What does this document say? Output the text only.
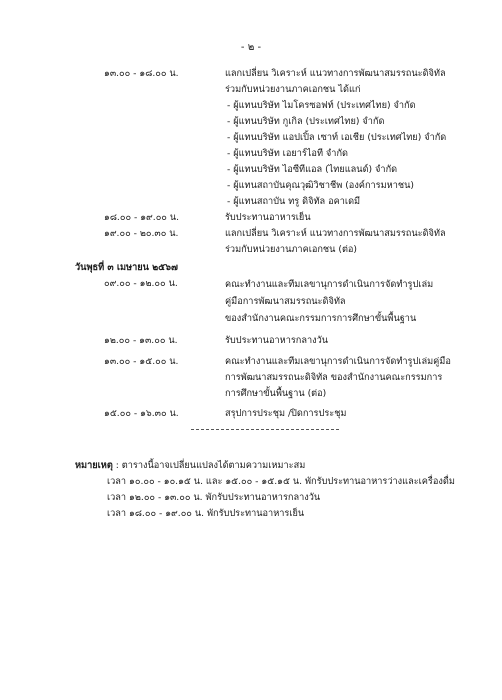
- ๒ -
๑๓.๐๐ - ๑๘.๐๐ น.	แลกเปลี่ยน วิเคราะห์ แนวทางการพัฒนาสมรรถนะดิจิทัล
ร่วมกับหน่วยงานภาคเอกชน ได้แก่
- ผู้แทนบริษัท ไมโครซอฟท์ (ประเทศไทย) จำกัด
- ผู้แทนบริษัท กูเกิล (ประเทศไทย) จำกัด
- ผู้แทนบริษัท แอปเปิ้ล เซาท์ เอเชีย (ประเทศไทย) จำกัด
- ผู้แทนบริษัท เอยาร์ไอที จำกัด
- ผู้แทนบริษัท ไอซีทีแอล (ไทยแลนด์) จำกัด
- ผู้แทนสถาบันคุณวุฒิวิชาชีพ (องค์การมหาชน)
- ผู้แทนสถาบัน ทรู ดิจิทัล อคาเดมี
๑๘.๐๐ - ๑๙.๐๐ น.	รับประทานอาหารเย็น
๑๙.๐๐ - ๒๐.๓๐ น.	แลกเปลี่ยน วิเคราะห์ แนวทางการพัฒนาสมรรถนะดิจิทัล
ร่วมกับหน่วยงานภาคเอกชน (ต่อ)
วันพุธที่ ๓ เมษายน ๒๕๖๗
๐๙.๐๐ - ๑๒.๐๐ น.	คณะทำงานและทีมเลขานุการดำเนินการจัดทำรูปเล่ม
คู่มือการพัฒนาสมรรถนะดิจิทัล
ของสำนักงานคณะกรรมการการศึกษาขั้นพื้นฐาน
๑๒.๐๐ - ๑๓.๐๐ น.	รับประทานอาหารกลางวัน
๑๓.๐๐ - ๑๕.๐๐ น.	คณะทำงานและทีมเลขานุการดำเนินการจัดทำรูปเล่มคู่มือ
การพัฒนาสมรรถนะดิจิทัล ของสำนักงานคณะกรรมการ
การศึกษาขั้นพื้นฐาน (ต่อ)
๑๕.๐๐ - ๑๖.๓๐ น.	สรุปการประชุม /ปิดการประชุม
หมายเหตุ : ตารางนี้อาจเปลี่ยนแปลงได้ตามความเหมาะสม
เวลา ๑๐.๐๐ - ๑๐.๑๕ น. และ ๑๕.๐๐ - ๑๕.๑๕ น. พักรับประทานอาหารว่างและเครื่องดื่ม
เวลา ๑๒.๐๐ - ๑๓.๐๐ น. พักรับประทานอาหารกลางวัน
เวลา ๑๘.๐๐ - ๑๙.๐๐ น. พักรับประทานอาหารเย็น
